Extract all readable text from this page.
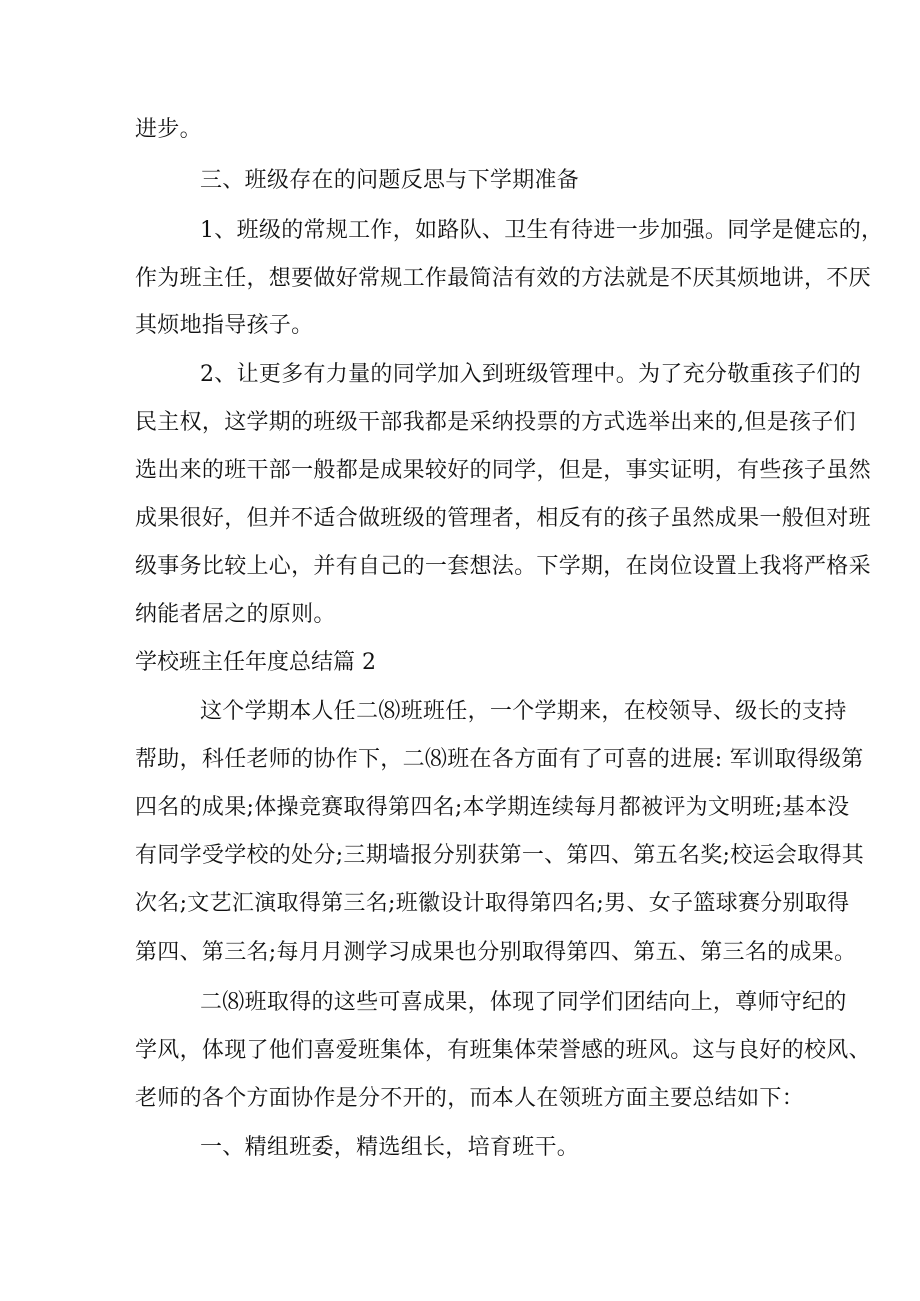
进步。
三、班级存在的问题反思与下学期准备
1、班级的常规工作，如路队、卫生有待进一步加强。同学是健忘的，
作为班主任，想要做好常规工作最简洁有效的方法就是不厌其烦地讲，不厌
其烦地指导孩子。
2、让更多有力量的同学加入到班级管理中。为了充分敬重孩子们的
民主权，这学期的班级干部我都是采纳投票的方式选举出来的,但是孩子们
选出来的班干部一般都是成果较好的同学，但是，事实证明，有些孩子虽然
成果很好，但并不适合做班级的管理者，相反有的孩子虽然成果一般但对班
级事务比较上心，并有自己的一套想法。下学期，在岗位设置上我将严格采
纳能者居之的原则。
学校班主任年度总结篇 2
这个学期本人任二⑻班班任，一个学期来，在校领导、级长的支持
帮助，科任老师的协作下，二⑻班在各方面有了可喜的进展: 军训取得级第
四名的成果;体操竞赛取得第四名;本学期连续每月都被评为文明班;基本没
有同学受学校的处分;三期墙报分别获第一、第四、第五名奖;校运会取得其
次名;文艺汇演取得第三名;班徽设计取得第四名;男、女子篮球赛分别取得
第四、第三名;每月月测学习成果也分别取得第四、第五、第三名的成果。
二⑻班取得的这些可喜成果，体现了同学们团结向上，尊师守纪的
学风，体现了他们喜爱班集体，有班集体荣誉感的班风。这与良好的校风、
老师的各个方面协作是分不开的，而本人在领班方面主要总结如下：
一、精组班委，精选组长，培育班干。
